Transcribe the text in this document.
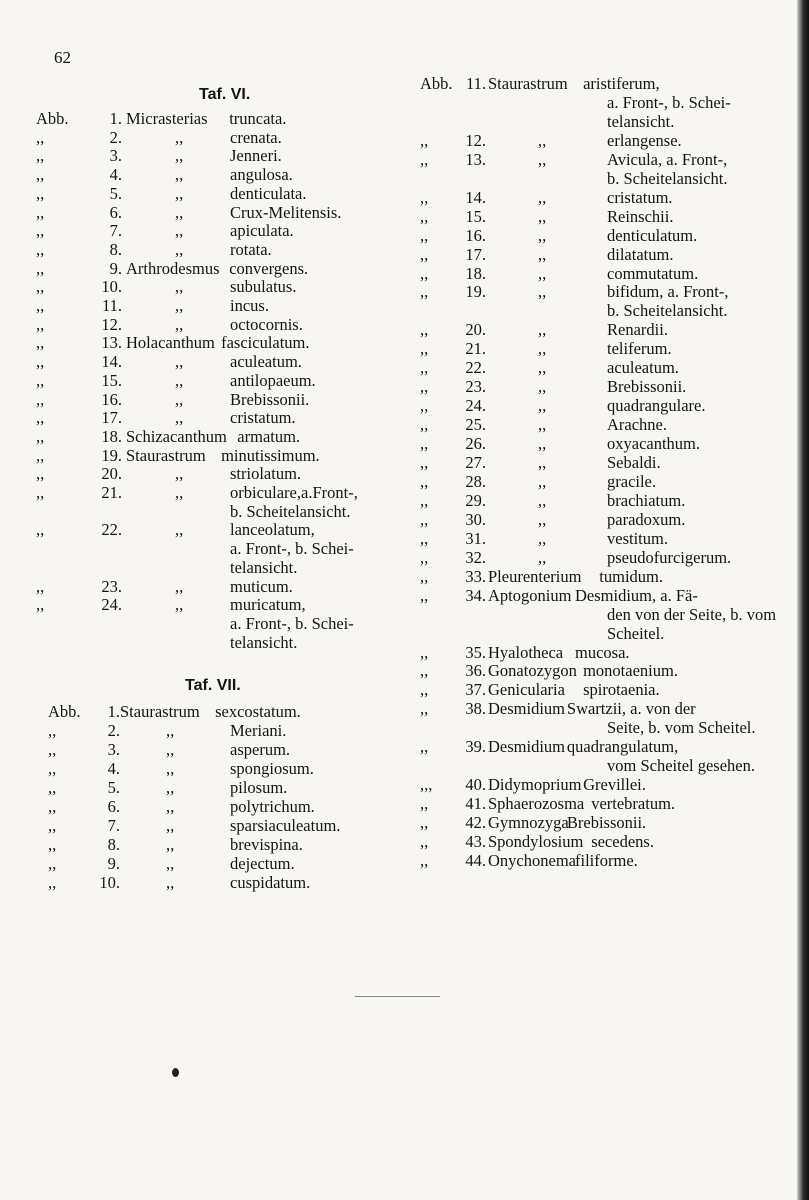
62
Taf. VI.
Abb. 1. Micrasterias truncata.
,,	2.	,,	crenata.
,,	3.	,,	Jenneri.
,,	4.	,,	angulosa.
,,	5.	,,	denticulata.
,,	6.	,,	Crux-Melitensis.
,,	7.	,,	apiculata.
,,	8.	,,	rotata.
,,	9. Arthrodesmus convergens.
,,	10.	,,	subulatus.
,,	11.	,,	incus.
,,	12.	,,	octocornis.
,,	13. Holacanthum fasciculatum.
,,	14.	,,	aculeatum.
,,	15.	,,	antilopaeum.
,,	16.	,,	Brebissonii.
,,	17.	,,	cristatum.
,,	18. Schizacanthum armatum.
,,	19. Staurastrum minutissimum.
,,	20.	,,	striolatum.
,,	21.	,,	orbiculare,a.Front-,
b. Scheitelansicht.
,,	22.	,,	lanceolatum,
a. Front-, b. Schei-
telansicht.
,,	23.	,,	muticum.
,,	24.	,,	muricatum,
a. Front-, b. Schei-
telansicht.
Taf. VII.
Abb. 1. Staurastrum sexcostatum.
,,	2.	,,	Meriani.
,,	3.	,,	asperum.
,,	4.	,,	spongiosum.
,,	5.	,,	pilosum.
,,	6.	,,	polytrichum.
,,	7.	,,	sparsiaculeatum.
,,	8.	,,	brevispina.
,,	9.	,,	dejectum.
,,	10.	,,	cuspidatum.
Abb. 11. Staurastrum aristiferum,
a. Front-, b. Schei-
telansicht.
,, 12.	,,	erlangense.
,, 13.	,,	Avicula, a. Front-,
b. Scheitelansicht.
,, 14.	,,	cristatum.
,, 15.	,,	Reinschii.
,, 16.	,,	denticulatum.
,, 17.	,,	dilatatum.
,, 18.	,,	commutatum.
,, 19.	,,	bifidum, a. Front-,
b. Scheitelansicht.
,, 20.	,,	Renardii.
,, 21.	,,	teliferum.
,, 22.	,,	aculeatum.
,, 23.	,,	Brebissonii.
,, 24.	,,	quadrangulare.
,, 25.	,,	Arachne.
,, 26.	,,	oxyacanthum.
,, 27.	,,	Sebaldi.
,, 28.	,,	gracile.
,, 29.	,,	brachiatum.
,, 30.	,,	paradoxum.
,, 31.	,,	vestitum.
,, 32.	,,	pseudofurcigerum.
,, 33. Pleurenterium tumidum.
,, 34. Aptogonium Desmidium, a. Fä-
den von der Seite, b. vom
Scheitel.
,, 35. Hyalotheca mucosa.
,, 36. Gonatozygon monotaenium.
,, 37. Genicularia spirotaenia.
,, 38. Desmidium Swartzii, a. von der
Seite, b. vom Scheitel.
,, 39. Desmidium quadrangulatum,
vom Scheitel gesehen.
,,, 40. Didymoprium Grevillei.
,, 41. Sphaerozosma vertebratum.
,, 42. Gymnozyga
Brebissonii.
,, 43. Spondylosium secedens.
,, 44. Onychonema filiforme.
